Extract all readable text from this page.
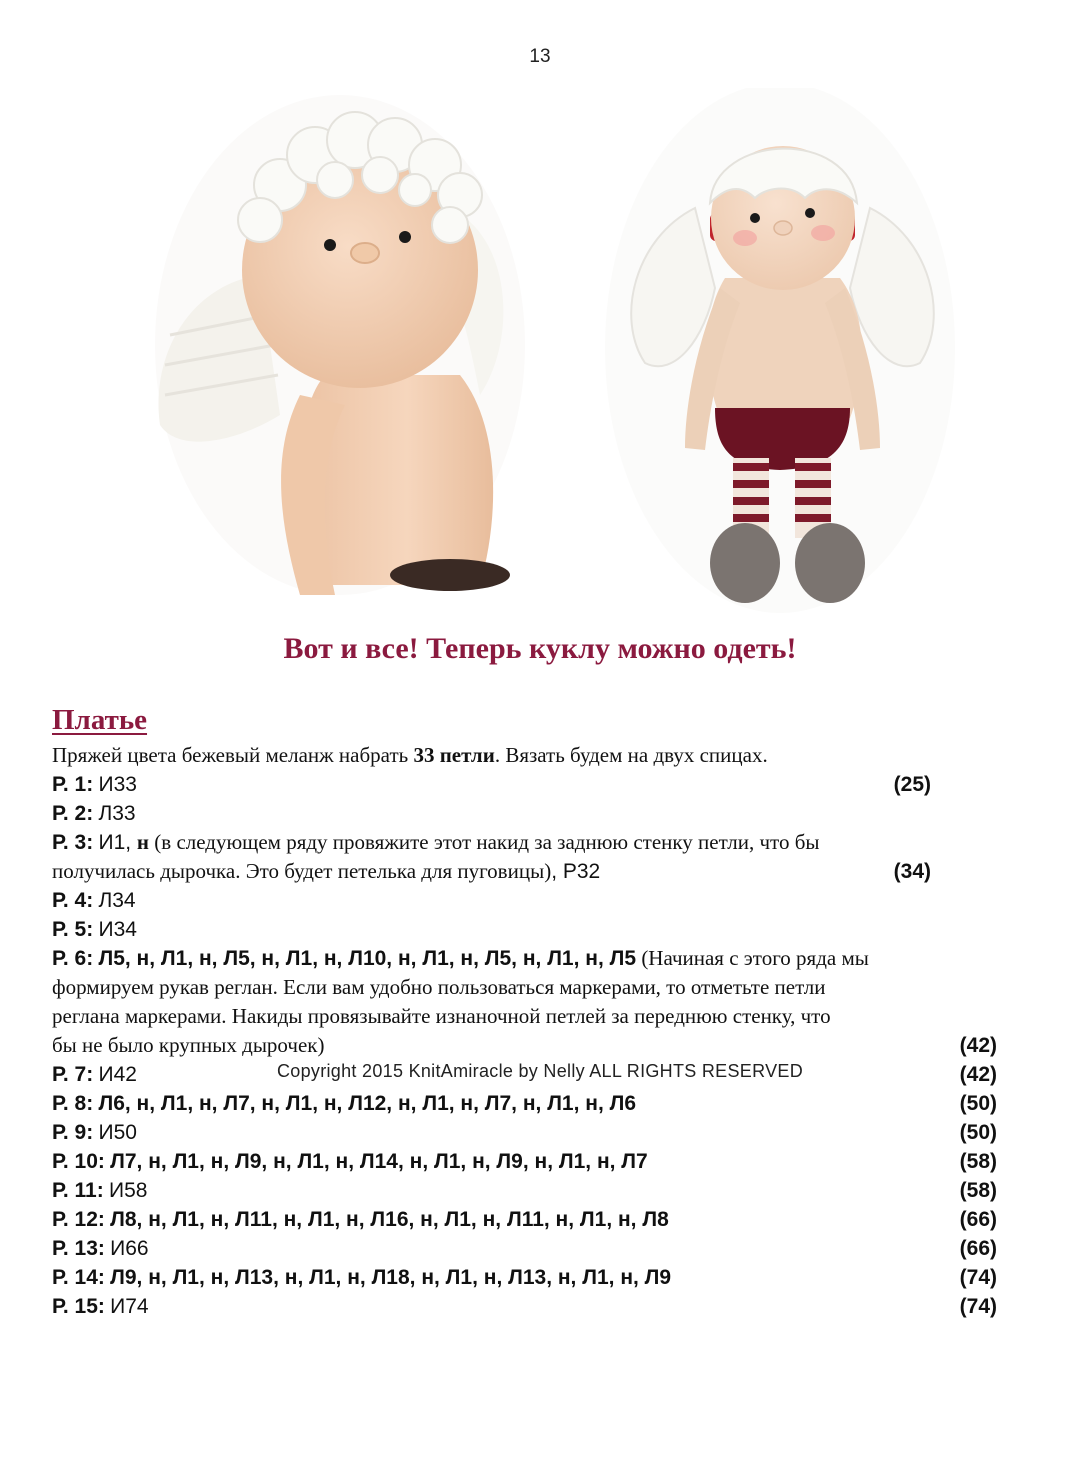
13
Вот и все! Теперь куклу можно одеть!
Платье
Пряжей цвета бежевый меланж набрать 33 петли. Вязать будем на двух спицах.
Р. 1: И33	(25)
Р. 2: Л33
Р. 3: И1, н (в следующем ряду провяжите этот накид за заднюю стенку петли, что бы
получилась дырочка. Это будет петелька для пуговицы), Р32	(34)
Р. 4: Л34
Р. 5: И34
Р. 6: Л5, н, Л1, н, Л5, н, Л1, н, Л10, н, Л1, н, Л5, н, Л1, н, Л5 (Начиная с этого ряда мы
формируем рукав реглан. Если вам удобно пользоваться маркерами, то отметьте петли
реглана маркерами. Накиды провязывайте изнаночной петлей за переднюю стенку, что
бы не было крупных дырочек)	(42)
Р. 7: И42	(42)
Р. 8: Л6, н, Л1, н, Л7, н, Л1, н, Л12, н, Л1, н, Л7, н, Л1, н, Л6	(50)
Р. 9: И50	(50)
Р. 10: Л7, н, Л1, н, Л9, н, Л1, н, Л14, н, Л1, н, Л9, н, Л1, н, Л7	(58)
Р. 11: И58	(58)
Р. 12: Л8, н, Л1, н, Л11, н, Л1, н, Л16, н, Л1, н, Л11, н, Л1, н, Л8	(66)
Р. 13: И66	(66)
Р. 14: Л9, н, Л1, н, Л13, н, Л1, н, Л18, н, Л1, н, Л13, н, Л1, н, Л9	(74)
Р. 15: И74	(74)
Copyright 2015 KnitAmiracle by Nelly ALL RIGHTS RESERVED
